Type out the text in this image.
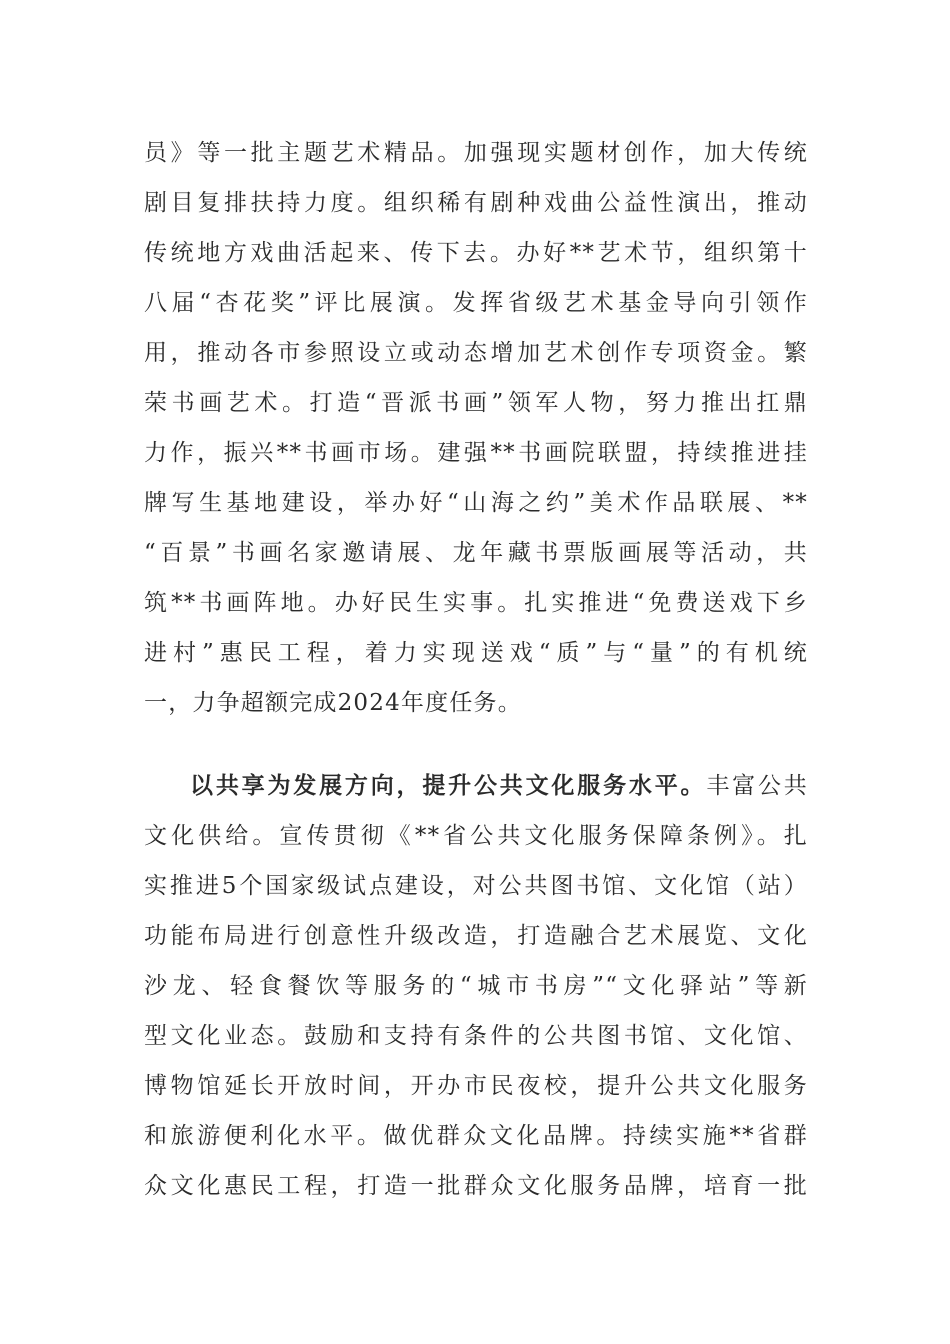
员》等一批主题艺术精品。加强现实题材创作，加大传统
剧目复排扶持力度。组织稀有剧种戏曲公益性演出，推动
传统地方戏曲活起来、传下去。办好**艺术节，组织第十
八届“杏花奖”评比展演。发挥省级艺术基金导向引领作
用，推动各市参照设立或动态增加艺术创作专项资金。繁
荣书画艺术。打造“晋派书画”领军人物，努力推出扛鼎
力作，振兴**书画市场。建强**书画院联盟，持续推进挂
牌写生基地建设，举办好“山海之约”美术作品联展、**
“百景”书画名家邀请展、龙年藏书票版画展等活动，共
筑**书画阵地。办好民生实事。扎实推进“免费送戏下乡
进村”惠民工程，着力实现送戏“质”与“量”的有机统
一，力争超额完成2024年度任务。
以共享为发展方向，提升公共文化服务水平。丰富公共
文化供给。宣传贯彻《**省公共文化服务保障条例》。扎
实推进5个国家级试点建设，对公共图书馆、文化馆（站）
功能布局进行创意性升级改造，打造融合艺术展览、文化
沙龙、轻食餐饮等服务的“城市书房”“文化驿站”等新
型文化业态。鼓励和支持有条件的公共图书馆、文化馆、
博物馆延长开放时间，开办市民夜校，提升公共文化服务
和旅游便利化水平。做优群众文化品牌。持续实施**省群
众文化惠民工程，打造一批群众文化服务品牌，培育一批
